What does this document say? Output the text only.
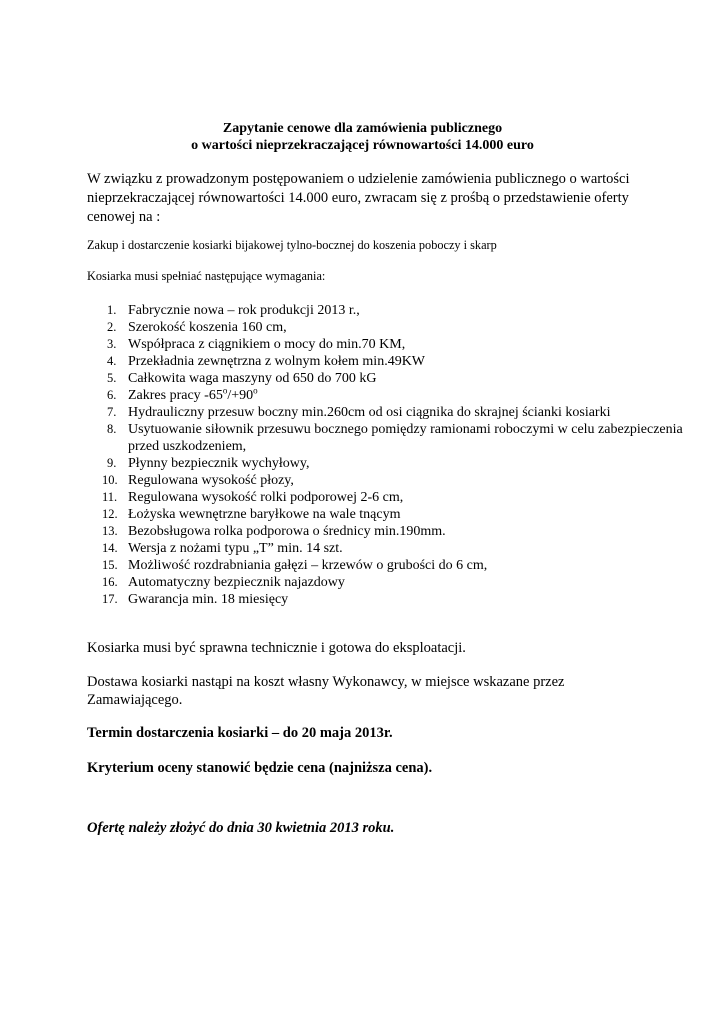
Zapytanie cenowe dla zamówienia publicznego
o wartości nieprzekraczającej równowartości 14.000 euro
W związku z prowadzonym postępowaniem o udzielenie zamówienia publicznego o wartości nieprzekraczającej równowartości 14.000 euro, zwracam się z prośbą o przedstawienie oferty cenowej na :
Zakup i dostarczenie kosiarki bijakowej tylno-bocznej do koszenia poboczy i skarp
Kosiarka musi spełniać następujące wymagania:
1. Fabrycznie nowa – rok produkcji 2013 r.,
2. Szerokość koszenia 160 cm,
3. Współpraca z ciągnikiem o mocy do min.70 KM,
4. Przekładnia zewnętrzna z wolnym kołem min.49KW
5. Całkowita waga maszyny od 650 do 700 kG
6. Zakres pracy $-65^o/+90^o$
7. Hydrauliczny przesuw boczny min.260cm od osi ciągnika do skrajnej ścianki kosiarki
8. Usytuowanie siłownik przesuwu bocznego pomiędzy ramionami roboczymi w celu zabezpieczenia przed uszkodzeniem,
9. Płynny bezpiecznik wychyłowy,
10. Regulowana wysokość płozy,
11. Regulowana wysokość rolki podporowej 2-6 cm,
12. Łożyska wewnętrzne baryłkowe na wale tnącym
13. Bezobsługowa rolka podporowa o średnicy min.190mm.
14. Wersja z nożami typu „T” min. 14 szt.
15. Możliwość rozdrabniania gałęzi – krzewów o grubości do 6 cm,
16. Automatyczny bezpiecznik najazdowy
17. Gwarancja min. 18 miesięcy
Kosiarka musi być sprawna technicznie i gotowa do eksploatacji.
Dostawa kosiarki nastąpi na koszt własny Wykonawcy, w miejsce wskazane przez Zamawiającego.
Termin dostarczenia kosiarki – do 20 maja 2013r.
Kryterium oceny stanowić będzie cena (najniższa cena).
Ofertę należy złożyć do dnia 30 kwietnia 2013 roku.
